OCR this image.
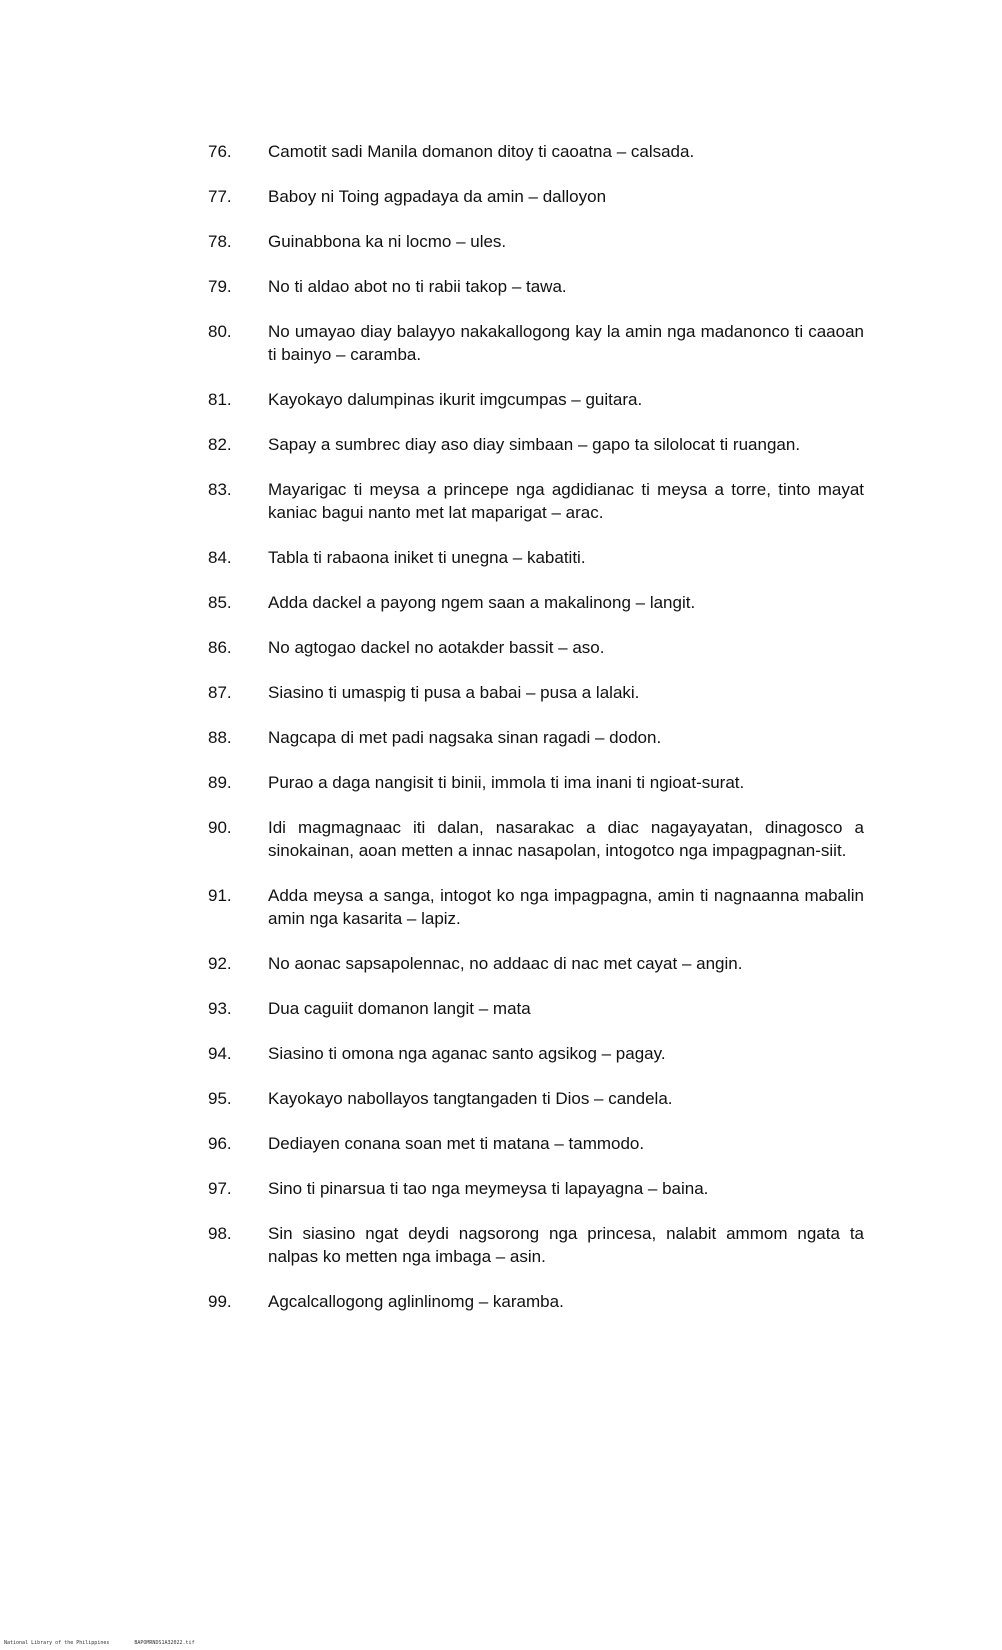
76.	Camotit sadi Manila domanon ditoy ti caoatna – calsada.
77.	Baboy ni Toing agpadaya da amin – dalloyon
78.	Guinabbona ka ni locmo – ules.
79.	No ti aldao abot no ti rabii takop – tawa.
80.	No umayao diay balayyo nakakallogong kay la amin nga madanonco ti caaoan ti bainyo – caramba.
81.	Kayokayo dalumpinas ikurit imgcumpas – guitara.
82.	Sapay a sumbrec diay aso diay simbaan – gapo ta silolocat ti ruangan.
83.	Mayarigac ti meysa a princepe nga agdidianac ti meysa a torre, tinto mayat kaniac bagui nanto met lat maparigat – arac.
84.	Tabla ti rabaona iniket ti unegna – kabatiti.
85.	Adda dackel a payong ngem saan a makalinong – langit.
86.	No agtogao dackel no aotakder bassit – aso.
87.	Siasino ti umaspig ti pusa a babai – pusa a lalaki.
88.	Nagcapa di met padi nagsaka sinan ragadi – dodon.
89.	Purao a daga nangisit ti binii, immola ti ima inani ti ngioat-surat.
90.	Idi magmagnaac iti dalan, nasarakac a diac nagayayatan, dinagosco a sinokainan, aoan metten a innac nasapolan, intogotco nga impagpagnan-siit.
91.	Adda meysa a sanga, intogot ko nga impagpagna, amin ti nagnaanna mabalin amin nga kasarita – lapiz.
92.	No aonac sapsapolennac, no addaac di nac met cayat – angin.
93.	Dua caguiit domanon langit – mata
94.	Siasino ti omona nga aganac santo agsikog – pagay.
95.	Kayokayo nabollayos tangtangaden ti Dios – candela.
96.	Dediayen conana soan met ti matana – tammodo.
97.	Sino ti pinarsua ti tao nga meymeysa ti lapayagna – baina.
98.	Sin siasino ngat deydi nagsorong nga princesa, nalabit ammom ngata ta nalpas ko metten nga imbaga – asin.
99.	Agcalcallogong aglinlinomg – karamba.
National Library of the Philippines	BAPOMRNDS1A32022.tif
